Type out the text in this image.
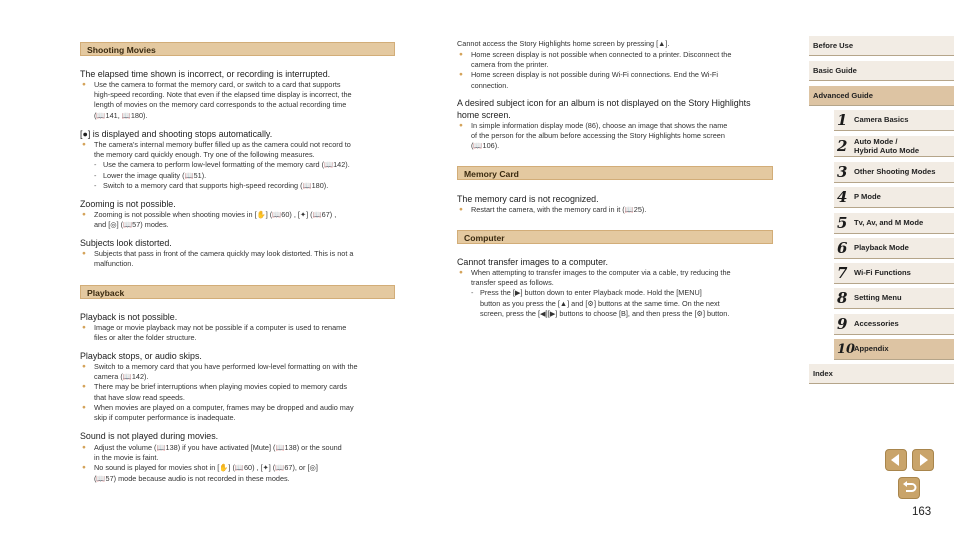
Shooting Movies
The elapsed time shown is incorrect, or recording is interrupted.
● Use the camera to format the memory card, or switch to a card that supports
high-speed recording. Note that even if the elapsed time display is incorrect, the
length of movies on the memory card corresponds to the actual recording time
(📖141, 📖180).
[●] is displayed and shooting stops automatically.
● The camera’s internal memory buffer filled up as the camera could not record to
the memory card quickly enough. Try one of the following measures.
- Use the camera to perform low-level formatting of the memory card (📖142).
- Lower the image quality (📖51).
- Switch to a memory card that supports high-speed recording (📖180).
Zooming is not possible.
● Zooming is not possible when shooting movies in [✋] (📖60) , [✦] (📖67) ,
and [◎] (📖57) modes.
Subjects look distorted.
● Subjects that pass in front of the camera quickly may look distorted. This is not a
malfunction.
Playback
Playback is not possible.
● Image or movie playback may not be possible if a computer is used to rename
files or alter the folder structure.
Playback stops, or audio skips.
● Switch to a memory card that you have performed low-level formatting on with the
camera (📖142).
● There may be brief interruptions when playing movies copied to memory cards
that have slow read speeds.
● When movies are played on a computer, frames may be dropped and audio may
skip if computer performance is inadequate.
Sound is not played during movies.
● Adjust the volume (📖138) if you have activated [Mute] (📖138) or the sound
in the movie is faint.
● No sound is played for movies shot in [✋] (📖60) , [✦] (📖67), or [◎]
(📖57) mode because audio is not recorded in these modes.
Cannot access the Story Highlights home screen by pressing [▲].
● Home screen display is not possible when connected to a printer. Disconnect the
camera from the printer.
● Home screen display is not possible during Wi-Fi connections. End the Wi-Fi
connection.
A desired subject icon for an album is not displayed on the Story Highlights
home screen.
● In simple information display mode (86), choose an image that shows the name
of the person for the album before accessing the Story Highlights home screen
(📖106).
Memory Card
The memory card is not recognized.
● Restart the camera, with the memory card in it (📖25).
Computer
Cannot transfer images to a computer.
● When attempting to transfer images to the computer via a cable, try reducing the
transfer speed as follows.
- Press the [▶] button down to enter Playback mode. Hold the [MENU]
button as you press the [▲] and [⚙] buttons at the same time. On the next
screen, press the [◀][▶] buttons to choose [B], and then press the [⚙] button.
Before Use
Basic Guide
Advanced Guide
1 Camera Basics
2 Auto Mode /
Hybrid Auto Mode
3 Other Shooting Modes
4 P Mode
5 Tv, Av, and M Mode
6 Playback Mode
7 Wi-Fi Functions
8 Setting Menu
9 Accessories
10
Appendix
Index
163
